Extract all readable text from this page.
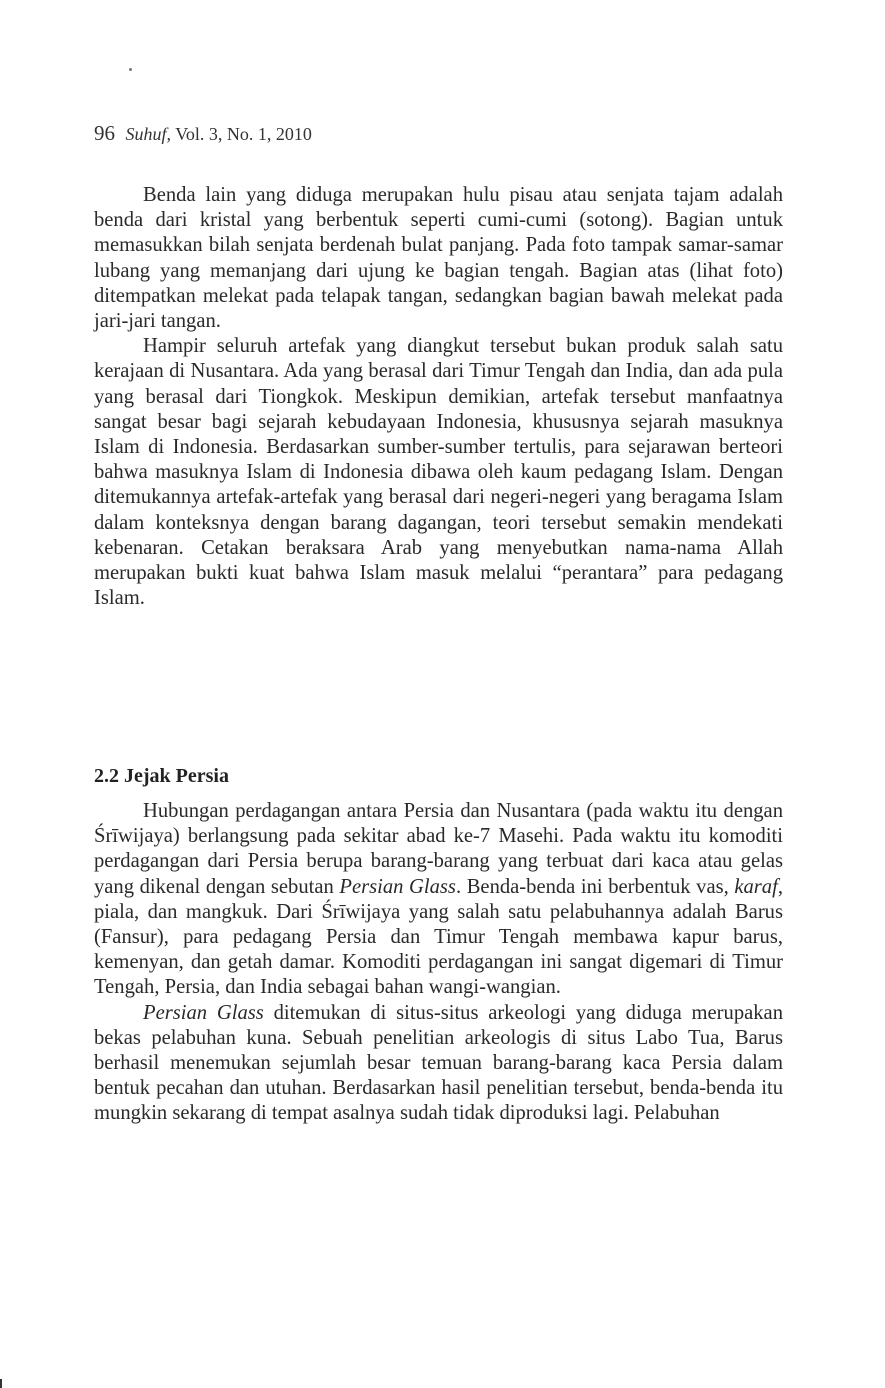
96 Suhuf, Vol. 3, No. 1, 2010

Benda lain yang diduga merupakan hulu pisau atau senjata tajam adalah benda dari kristal yang berbentuk seperti cumi-cumi (sotong). Bagian untuk memasukkan bilah senjata berdenah bulat panjang. Pada foto tampak samar-samar lubang yang memanjang dari ujung ke bagian tengah. Bagian atas (lihat foto) ditempatkan melekat pada telapak tangan, sedangkan bagian bawah melekat pada jari-jari tangan.

Hampir seluruh artefak yang diangkut tersebut bukan produk salah satu kerajaan di Nusantara. Ada yang berasal dari Timur Tengah dan India, dan ada pula yang berasal dari Tiongkok. Meskipun demikian, artefak tersebut manfaatnya sangat besar bagi sejarah kebudayaan Indonesia, khususnya sejarah masuknya Islam di Indonesia. Berdasarkan sumber-sumber tertulis, para sejarawan berteori bahwa masuknya Islam di Indonesia dibawa oleh kaum pedagang Islam. Dengan ditemukannya artefak-artefak yang berasal dari negeri-negeri yang beragama Islam dalam konteksnya dengan barang dagangan, teori tersebut semakin mendekati kebenaran. Cetakan beraksara Arab yang menyebutkan nama-nama Allah merupakan bukti kuat bahwa Islam masuk melalui “perantara” para pedagang Islam.

2.2 Jejak Persia

Hubungan perdagangan antara Persia dan Nusantara (pada waktu itu dengan Śrīwijaya) berlangsung pada sekitar abad ke-7 Masehi. Pada waktu itu komoditi perdagangan dari Persia berupa barang-barang yang terbuat dari kaca atau gelas yang dikenal dengan sebutan Persian Glass. Benda-benda ini berbentuk vas, karaf, piala, dan mangkuk. Dari Śrīwijaya yang salah satu pelabuhannya adalah Barus (Fansur), para pedagang Persia dan Timur Tengah membawa kapur barus, kemenyan, dan getah damar. Komoditi perdagangan ini sangat digemari di Timur Tengah, Persia, dan India sebagai bahan wangi-wangian.

Persian Glass ditemukan di situs-situs arkeologi yang diduga merupakan bekas pelabuhan kuna. Sebuah penelitian arkeologis di situs Labo Tua, Barus berhasil menemukan sejumlah besar temuan barang-barang kaca Persia dalam bentuk pecahan dan utuhan. Berdasarkan hasil penelitian tersebut, benda-benda itu mungkin sekarang di tempat asalnya sudah tidak diproduksi lagi. Pelabuhan
